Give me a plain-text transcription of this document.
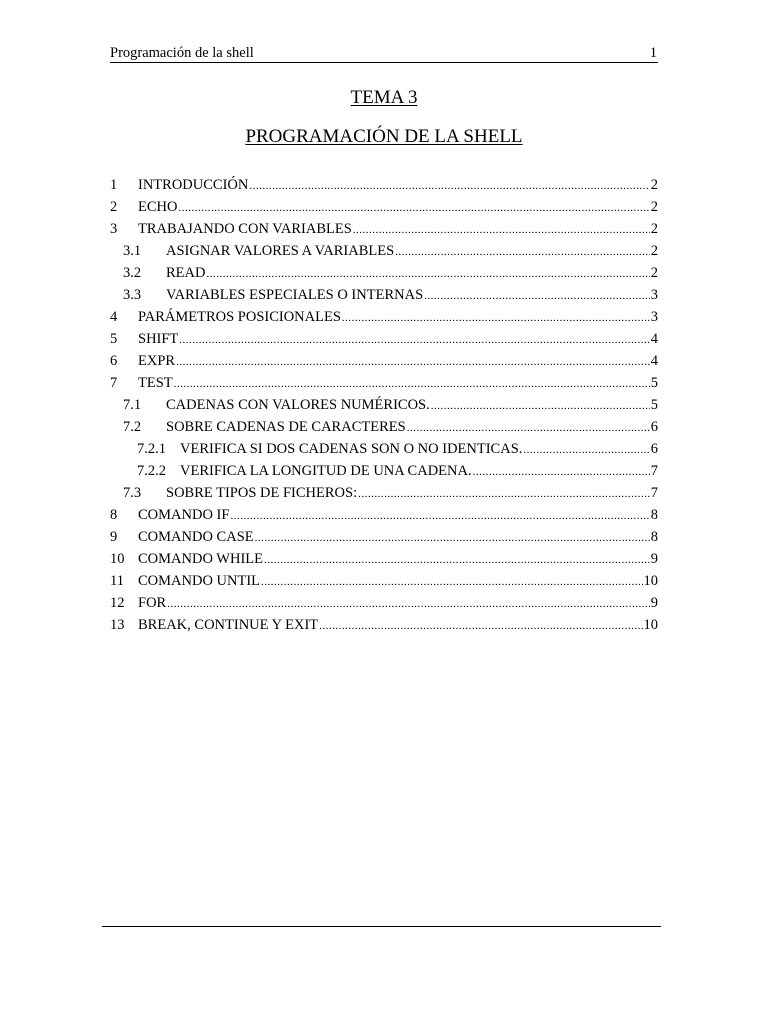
Programación de la shell	1
TEMA 3
PROGRAMACIÓN DE LA SHELL
1	INTRODUCCIÓN .....	2
2	ECHO .....	2
3	TRABAJANDO CON VARIABLES .....	2
3.1	ASIGNAR VALORES A VARIABLES .....	2
3.2	READ .....	2
3.3	VARIABLES ESPECIALES O INTERNAS .....	3
4	PARÁMETROS POSICIONALES .....	3
5	SHIFT .....	4
6	EXPR .....	4
7	TEST .....	5
7.1	CADENAS CON VALORES NUMÉRICOS. .....	5
7.2	SOBRE CADENAS DE CARACTERES .....	6
7.2.1 VERIFICA SI DOS CADENAS SON O NO IDENTICAS. .....	6
7.2.2 VERIFICA LA LONGITUD DE UNA CADENA. .....	7
7.3	SOBRE TIPOS DE FICHEROS: .....	7
8	COMANDO IF .....	8
9	COMANDO CASE .....	8
10 COMANDO WHILE .....	9
11 COMANDO UNTIL .....	10
12 FOR .....	9
13 BREAK, CONTINUE Y EXIT .....	10
